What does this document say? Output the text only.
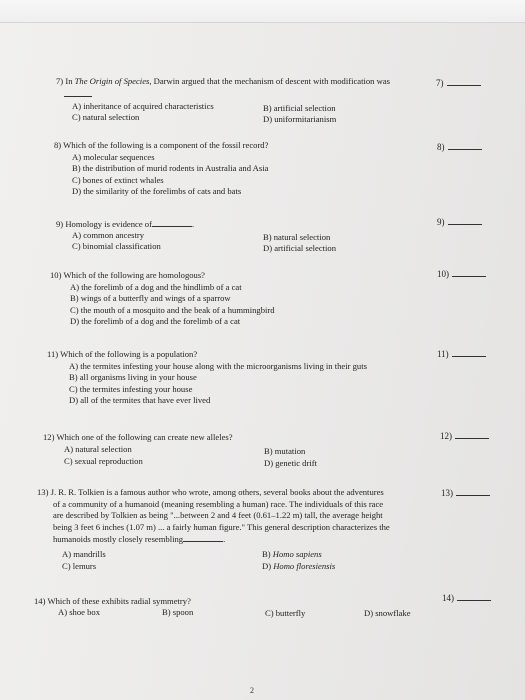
7) In The Origin of Species, Darwin argued that the mechanism of descent with modification was
A) inheritance of acquired characteristics	B) artificial selection
C) natural selection	D) uniformitarianism
7)
8) Which of the following is a component of the fossil record?
A) molecular sequences
B) the distribution of murid rodents in Australia and Asia
C) bones of extinct whales
D) the similarity of the forelimbs of cats and bats
8)
9) Homology is evidence of	.
A) common ancestry	B) natural selection
C) binomial classification	D) artificial selection
9)
10) Which of the following are homologous?
A) the forelimb of a dog and the hindlimb of a cat
B) wings of a butterfly and wings of a sparrow
C) the mouth of a mosquito and the beak of a hummingbird
D) the forelimb of a dog and the forelimb of a cat
10)
11) Which of the following is a population?
A) the termites infesting your house along with the microorganisms living in their guts
B) all organisms living in your house
C) the termites infesting your house
D) all of the termites that have ever lived
11)
12) Which one of the following can create new alleles?
A) natural selection	B) mutation
C) sexual reproduction	D) genetic drift
12)
13) J. R. R. Tolkien is a famous author who wrote, among others, several books about the adventures
of a community of a humanoid (meaning resembling a human) race. The individuals of this race
are described by Tolkien as being "...between 2 and 4 feet (0.61–1.22 m) tall, the average height
being 3 feet 6 inches (1.07 m) ... a fairly human figure." This general description characterizes the
humanoids mostly closely resembling	.
A) mandrills	B) Homo sapiens
C) lemurs	D) Homo floresiensis
13)
14) Which of these exhibits radial symmetry?
A) shoe box	B) spoon	C) butterfly	D) snowflake
14)
2
